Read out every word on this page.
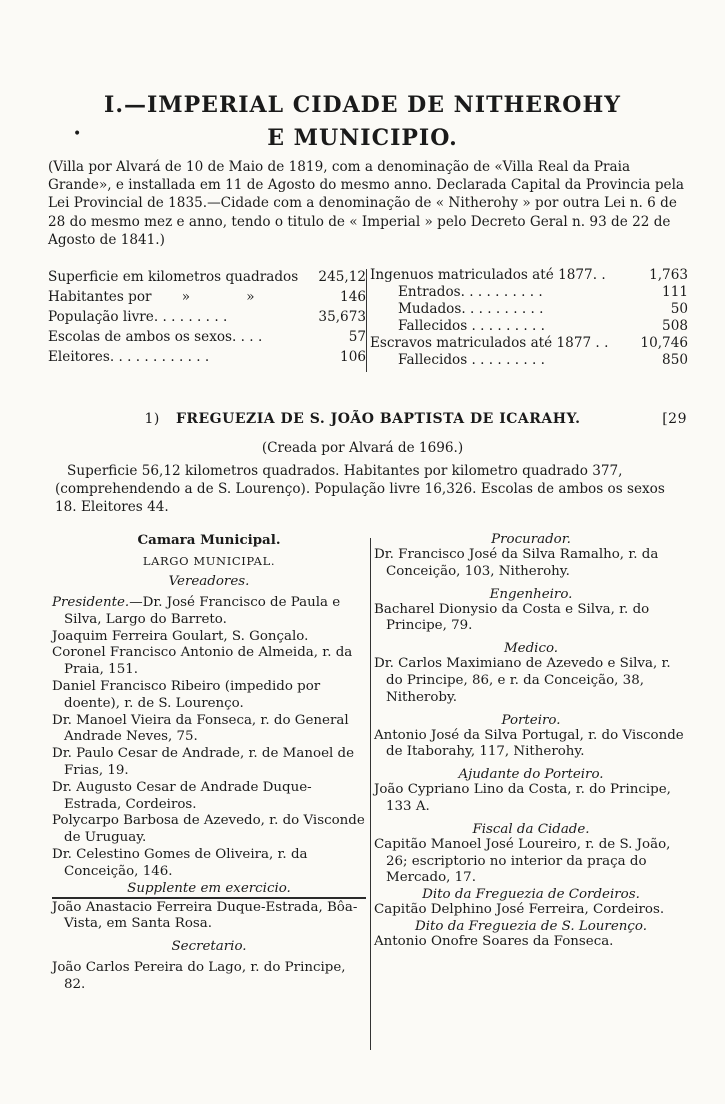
I.—IMPERIAL CIDADE DE NITHEROHY
•	E MUNICIPIO.

(Villa por Alvará de 10 de Maio de 1819, com a denominação de «Villa Real da Praia Grande», e installada em 11 de Agosto do mesmo anno. Declarada Capital da Provincia pela Lei Provincial de 1835.—Cidade com a denominação de « Nitherohy » por outra Lei n. 6 de 28 do mesmo mez e anno, tendo o titulo de « Imperial » pelo Decreto Geral n. 93 de 22 de Agosto de 1841.)

Superficie em kilometros quadrados 245,12
Habitantes por       »             »	146
População livre. . . . . . . . .	35,673
Escolas de ambos os sexos. . . .	57
Eleitores. . . . . . . . . . . .	106
Ingenuos matriculados até 1877. .	1,763
Entrados. . . . . . . . . .	111
Mudados. . . . . . . . . .	50
Fallecidos . . . . . . . . .	508
Escravos matriculados até 1877 . . 10,746
Fallecidos . . . . . . . . .	850
1) FREGUEZIA DE S. JOÃO BAPTISTA DE ICARAHY.	[29
(Creada por Alvará de 1696.)

Superficie 56,12 kilometros quadrados. Habitantes por kilometro quadrado 377, (comprehendendo a de S. Lourenço). População livre 16,326. Escolas de ambos os sexos 18. Eleitores 44.

Camara Municipal.
LARGO MUNICIPAL.
Vereadores.
Presidente.—Dr. José Francisco de Paula e Silva, Largo do Barreto.
Joaquim Ferreira Goulart, S. Gonçalo.
Coronel Francisco Antonio de Almeida, r. da Praia, 151.
Daniel Francisco Ribeiro (impedido por doente), r. de S. Lourenço.
Dr. Manoel Vieira da Fonseca, r. do General Andrade Neves, 75.
Dr. Paulo Cesar de Andrade, r. de Manoel de Frias, 19.
Dr. Augusto Cesar de Andrade Duque-Estrada, Cordeiros.
Polycarpo Barbosa de Azevedo, r. do Visconde de Uruguay.
Dr. Celestino Gomes de Oliveira, r. da Conceição, 146.
Supplente em exercicio.
João Anastacio Ferreira Duque-Estrada, Bôa-Vista, em Santa Rosa.
Secretario.
João Carlos Pereira do Lago, r. do Principe, 82.
Procurador.
Dr. Francisco José da Silva Ramalho, r. da Conceição, 103, Nitherohy.
Engenheiro.
Bacharel Dionysio da Costa e Silva, r. do Principe, 79.
Medico.
Dr. Carlos Maximiano de Azevedo e Silva, r. do Principe, 86, e r. da Conceição, 38, Nitheroby.
Porteiro.
Antonio José da Silva Portugal, r. do Visconde de Itaborahy, 117, Nitherohy.
Ajudante do Porteiro.
João Cypriano Lino da Costa, r. do Principe, 133 A.
Fiscal da Cidade.
Capitão Manoel José Loureiro, r. de S. João, 26; escriptorio no interior da praça do Mercado, 17.
Dito da Freguezia de Cordeiros.
Capitão Delphino José Ferreira, Cordeiros.
Dito da Freguezia de S. Lourenço.
Antonio Onofre Soares da Fonseca.
